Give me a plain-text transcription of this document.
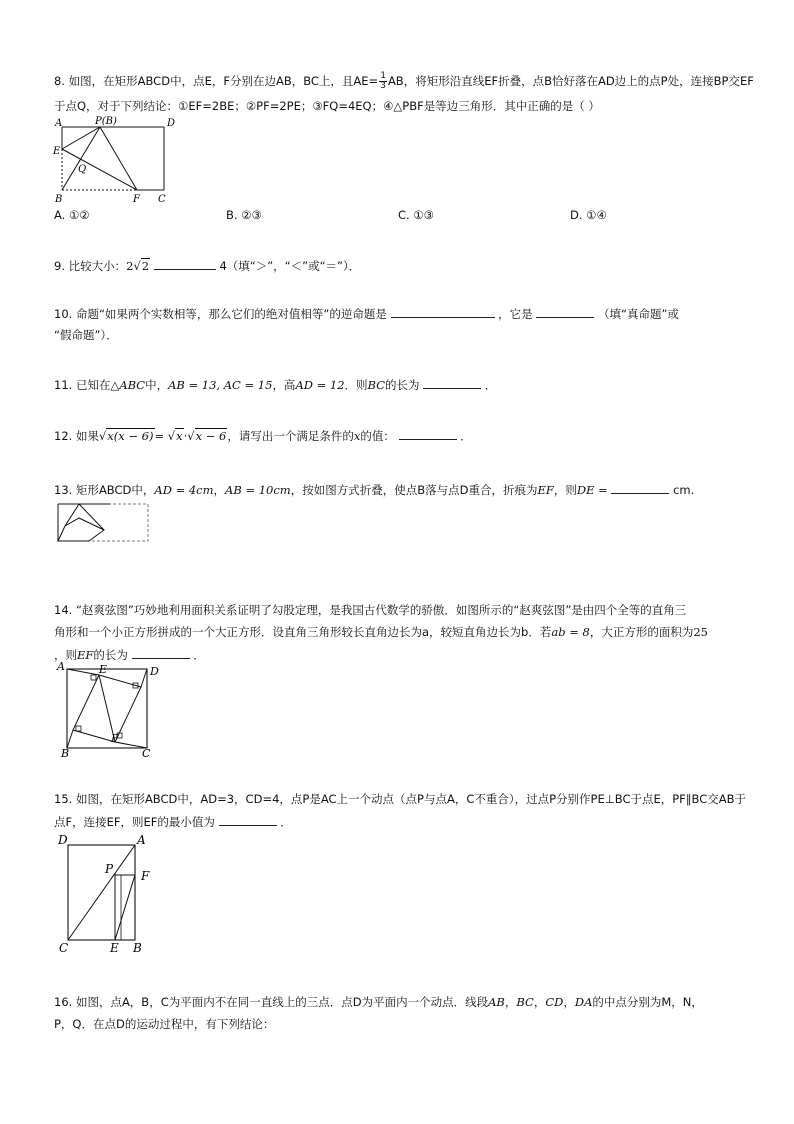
8. 如图，在矩形ABCD中，点E，F分别在边AB，BC上，且$AE= \frac{1}{3}$ AB，将矩形沿直线EF折叠，点B恰好落在AD边上的点P处，连接BP交EF
于点Q，对于下列结论：①EF=2BE；②PF=2PE；③FQ=4EQ；④△PBF是等边三角形．其中正确的是（ ）
A	P(B)	D
E
Q
B	F C
A. ①②	B. ②③	C. ①③	D. ①④
9. 比较大小：2√2	4（填“＞”，“＜”或“＝”）．
10. 命题“如果两个实数相等，那么它们的绝对值相等”的逆命题是	，它是	（填“真命题”或
“假命题”）．
11. 已知在△ABC中，AB = 13, AC = 15，高AD = 12．则BC的长为	．
12. 如果√x(x − 6)= √x·√x − 6，请写出一个满足条件的x的值：	．
13. 矩形ABCD中，AD = 4cm，AB = 10cm，按如图方式折叠，使点B落与点D重合，折痕为EF，则DE =	cm.
14. “赵爽弦图”巧妙地利用面积关系证明了勾股定理，是我国古代数学的骄傲．如图所示的“赵爽弦图”是由四个全等的直角三
角形和一个小正方形拼成的一个大正方形．设直角三角形较长直角边长为a，较短直角边长为b．若ab = 8，大正方形的面积为25
，则EF的长为	．
A	E	D
F
B	C
15. 如图，在矩形ABCD中，AD=3，CD=4，点P是AC上一个动点（点P与点A，C不重合），过点P分别作PE⊥BC于点E，PF∥BC交AB于
点F，连接EF，则EF的最小值为	．
D	A
P F
C	E B
16. 如图，点A，B，C为平面内不在同一直线上的三点．点D为平面内一个动点．线段AB，BC，CD，DA的中点分别为M，N，
P，Q．在点D的运动过程中，有下列结论：
